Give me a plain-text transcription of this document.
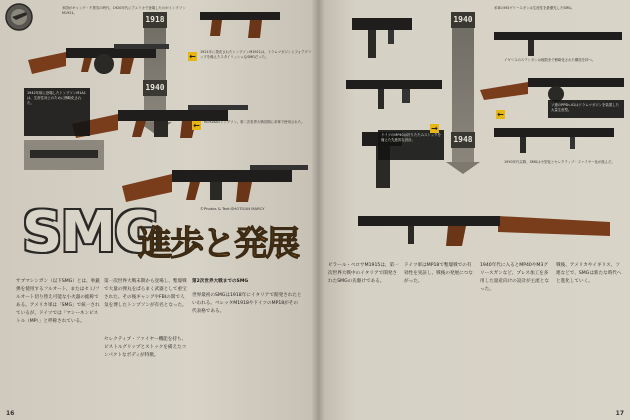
1918
1940
米国がギャング・不景気の時代、1920年代にアメリカで登場したのがトンプソンM1921。
1921年に発売されたトンプソンM1921は、ドラムマガジンとフォアグリップを備えたスタイリッシュなSMGだった。
1942年頃に登場したトンプソンM1A1は、生産性向上のために簡略化された。
M1928A1トンプソン。第二次世界大戦初期に米軍で使用された。
←
←
©Photos & Text:SHOTGUN MARCY
SMG
進歩と発展
サブマシンガン（以下SMG）とは、拳銃弾を使用するフルオート、またはセミ/フルオート切り替え可能な小火器の総称である。アメリカ軍は「SMG」で統一されているが、ドイツでは「マシーネンピストル（MP）」と呼称されている。
第一次世界大戦末期から登場し、塹壕戦で大量の弾丸をばらまく武器として重宝された。その後ギャングやFBIの間で人気を博したトンプソンが有名となった。
セレクティブ・ファイヤー機能を持ち、ピストルグリップとストックを備えたコンパクトなボディが特徴。
第2次世界大戦までのSMG
世界最初のSMGは1918年にイタリアで開発されたといわれる。ベレッタM1918やドイツのMP18がその代表格である。
16
1940
1948
米軍のM3グリースガンは生産性を最優先したSMG。
ドイツのMP40は折りたたみストックを備えた先進的な設計。
イギリスのステンガンは極限まで簡略化された構造を持つ。
1950年代以降、SMGは小型化とセレクティブ・ファイヤー化が進んだ。
ソ連のPPSh-41はドラムマガジンを装着した大量生産型。
←
→
ビラール・ペロサM1915は、第一次世界大戦中のイタリアで開発されたSMGの先駆けである。
ドイツ軍はMP18で塹壕戦での有効性を実証し、戦後の発展につながった。
1940年代に入るとMP40やM3グリースガンなど、プレス加工を多用した量産向けの設計が主流となった。
戦後、アメリカやイギリス、ソ連などで、SMGは新たな時代へと進化していく。
17
